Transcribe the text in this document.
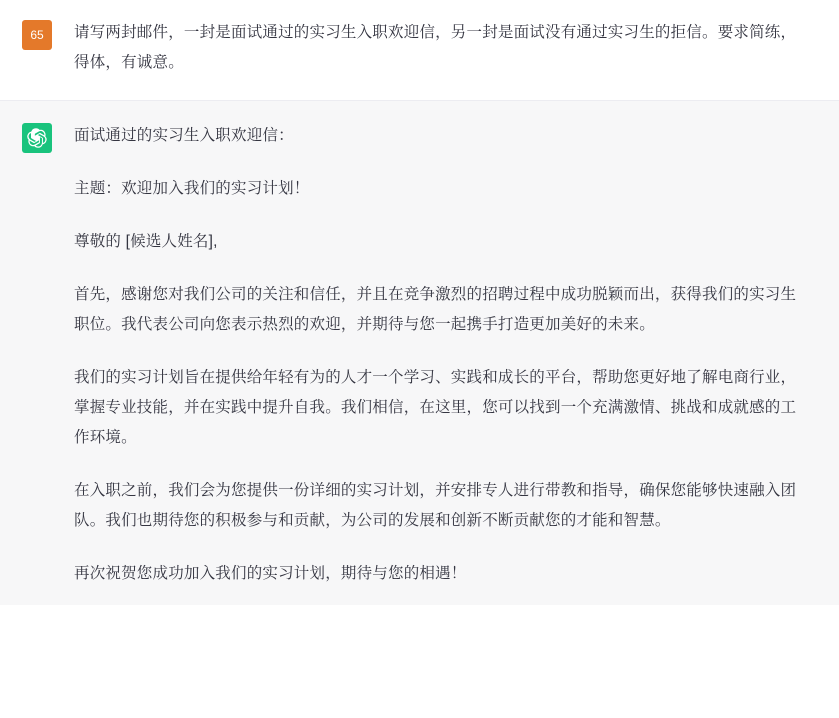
65 请写两封邮件，一封是面试通过的实习生入职欢迎信，另一封是面试没有通过实习生的拒信。要求简练，得体，有诚意。

面试通过的实习生入职欢迎信：

主题：欢迎加入我们的实习计划！

尊敬的 [候选人姓名],

首先，感谢您对我们公司的关注和信任，并且在竞争激烈的招聘过程中成功脱颖而出，获得我们的实习生职位。我代表公司向您表示热烈的欢迎，并期待与您一起携手打造更加美好的未来。

我们的实习计划旨在提供给年轻有为的人才一个学习、实践和成长的平台，帮助您更好地了解电商行业，掌握专业技能，并在实践中提升自我。我们相信，在这里，您可以找到一个充满激情、挑战和成就感的工作环境。

在入职之前，我们会为您提供一份详细的实习计划，并安排专人进行带教和指导，确保您能够快速融入团队。我们也期待您的积极参与和贡献，为公司的发展和创新不断贡献您的才能和智慧。

再次祝贺您成功加入我们的实习计划，期待与您的相遇！
